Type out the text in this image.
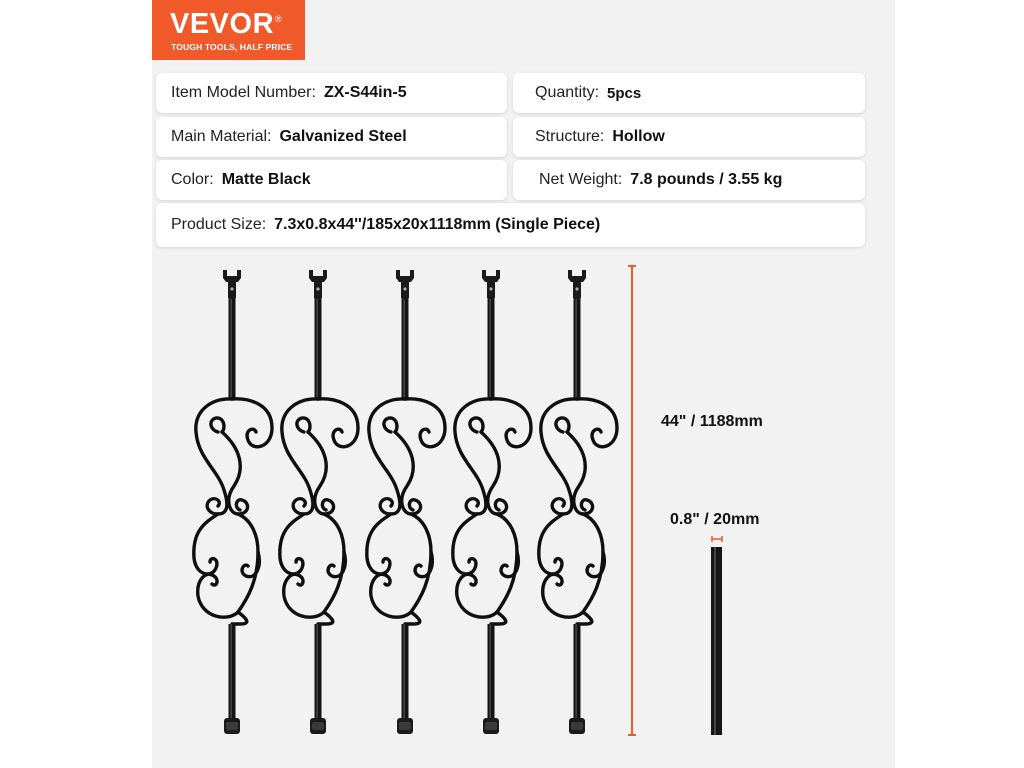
VEVOR®
TOUGH TOOLS, HALF PRICE
Item Model Number: ZX-S44in-5	Quantity: 5pcs
Main Material: Galvanized Steel	Structure: Hollow
Color: Matte Black	Net Weight: 7.8 pounds / 3.55 kg
Product Size: 7.3x0.8x44''/185x20x1118mm (Single Piece)
44" / 1188mm
0.8" / 20mm
